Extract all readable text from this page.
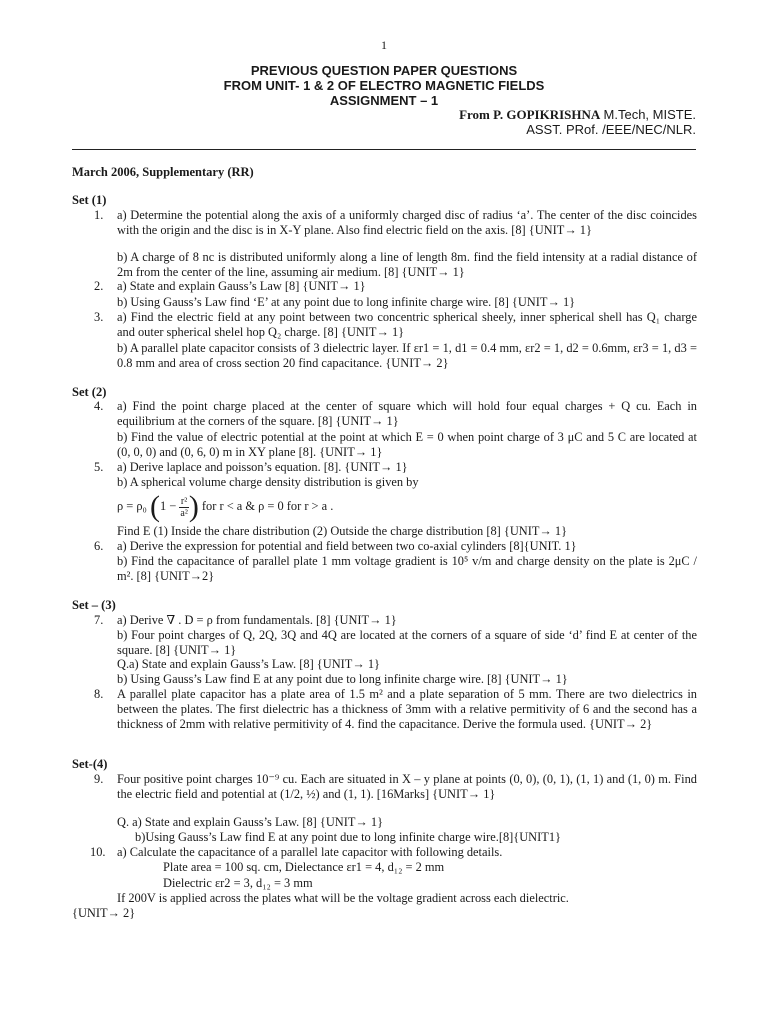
1
PREVIOUS QUESTION PAPER QUESTIONS
FROM UNIT- 1 & 2 OF ELECTRO MAGNETIC FIELDS
ASSIGNMENT – 1
From P. GOPIKRISHNA M.Tech, MISTE.
ASST. PRof. /EEE/NEC/NLR.
March 2006, Supplementary (RR)
Set (1)
1. a) Determine the potential along the axis of a uniformly charged disc of radius ‘a’. The center of the disc coincides with the origin and the disc is in X-Y plane. Also find electric field on the axis. [8] {UNIT→ 1}
b) A charge of 8 nc is distributed uniformly along a line of length 8m. find the field intensity at a radial distance of 2m from the center of the line, assuming air medium. [8] {UNIT→ 1}
2. a) State and explain Gauss’s Law [8] {UNIT→ 1}
b) Using Gauss’s Law find ‘E’ at any point due to long infinite charge wire. [8] {UNIT→ 1}
3. a) Find the electric field at any point between two concentric spherical sheely, inner spherical shell has Q₁ charge and outer spherical shelel hop Q₂ charge. [8] {UNIT→ 1}
b) A parallel plate capacitor consists of 3 dielectric layer. If εr1 = 1, d1 = 0.4 mm, εr2 = 1, d2 = 0.6mm, εr3 = 1, d3 = 0.8 mm and area of cross section 20 find capacitance. {UNIT→ 2}
Set (2)
4. a) Find the point charge placed at the center of square which will hold four equal charges + Q cu. Each in equilibrium at the corners of the square. [8] {UNIT→ 1}
b) Find the value of electric potential at the point at which E = 0 when point charge of 3 μC and 5 C are located at (0, 0, 0) and (0, 6, 0) m in XY plane [8]. {UNIT→ 1}
5. a) Derive laplace and poisson’s equation. [8]. {UNIT→ 1}
b) A spherical volume charge density distribution is given by
ρ = ρ₀ ($1 - \frac{\text{r²}}{\text{a²}}$ ) for r < a & ρ = 0 for r > a .
Find E (1) Inside the chare distribution (2) Outside the charge distribution [8] {UNIT→ 1}
6. a) Derive the expression for potential and field between two co-axial cylinders [8]{UNIT. 1}
b) Find the capacitance of parallel plate 1 mm voltage gradient is 10⁵ v/m and charge density on the plate is 2μC / m². [8] {UNIT→2}
Set – (3)
7. a) Derive ∇ . D = ρ from fundamentals. [8] {UNIT→ 1}
b) Four point charges of Q, 2Q, 3Q and 4Q are located at the corners of a square of side ‘d’ find E at center of the square. [8] {UNIT→ 1}
Q.a) State and explain Gauss’s Law. [8] {UNIT→ 1}
b) Using Gauss’s Law find E at any point due to long infinite charge wire. [8] {UNIT→ 1}
8. A parallel plate capacitor has a plate area of 1.5 m² and a plate separation of 5 mm. There are two dielectrics in between the plates. The first dielectric has a thickness of 3mm with a relative permitivity of 6 and the second has a thickness of 2mm with relative permitivity of 4. find the capacitance. Derive the formula used. {UNIT→ 2}
Set-(4)
9. Four positive point charges 10⁻⁹ cu. Each are situated in X – y plane at points (0, 0), (0, 1), (1, 1) and (1, 0) m. Find the electric field and potential at (1/2, ½) and (1, 1). [16Marks] {UNIT→ 1}
Q. a) State and explain Gauss’s Law. [8] {UNIT→ 1}
b)Using Gauss’s Law find E at any point due to long infinite charge wire.[8]{UNIT1}
10. a) Calculate the capacitance of a parallel late capacitor with following details.
Plate area = 100 sq. cm, Dielectance εr1 = 4, d₁₂ = 2 mm
Dielectric εr2 = 3, d₁₂ = 3 mm
If 200V is applied across the plates what will be the voltage gradient across each dielectric.
{UNIT→ 2}
